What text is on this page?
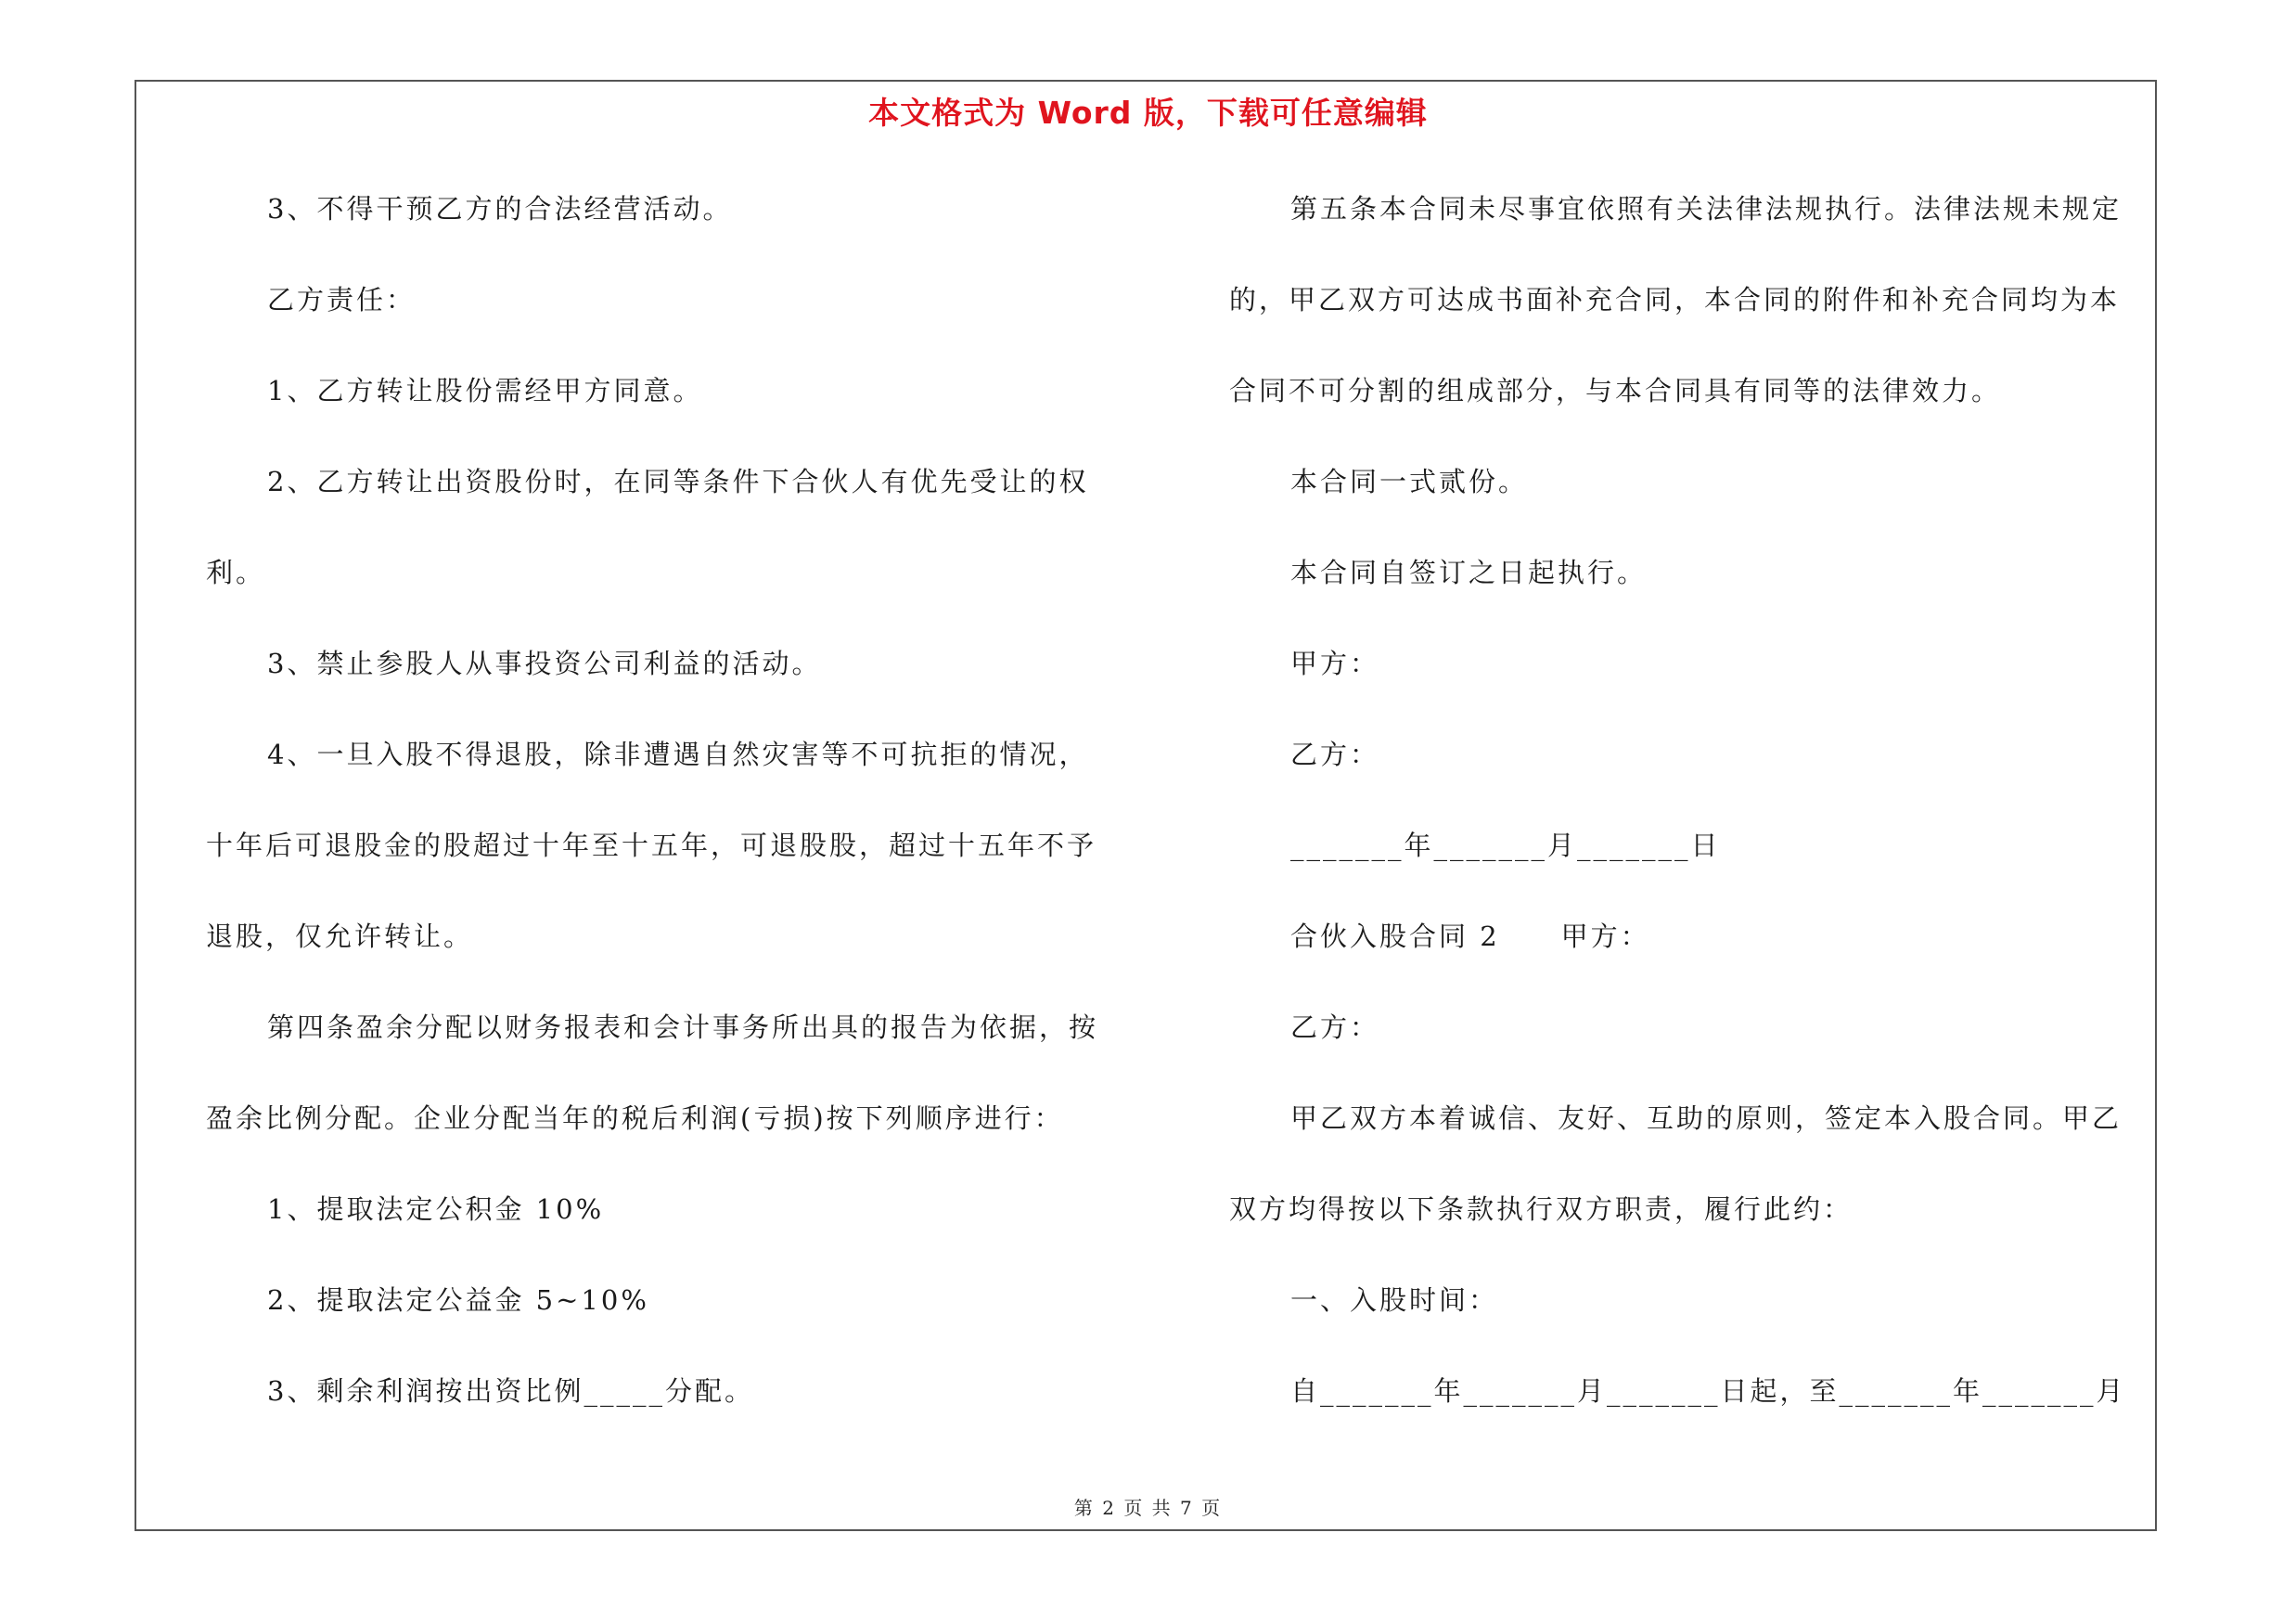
本文格式为 Word 版，下载可任意编辑
3、不得干预乙方的合法经营活动。
乙方责任：
1、乙方转让股份需经甲方同意。
2、乙方转让出资股份时，在同等条件下合伙人有优先受让的权
利。
3、禁止参股人从事投资公司利益的活动。
4、一旦入股不得退股，除非遭遇自然灾害等不可抗拒的情况，
十年后可退股金的股超过十年至十五年，可退股股，超过十五年不予
退股，仅允许转让。
第四条盈余分配以财务报表和会计事务所出具的报告为依据，按
盈余比例分配。企业分配当年的税后利润(亏损)按下列顺序进行：
1、提取法定公积金 10%
2、提取法定公益金 5~10%
3、剩余利润按出资比例_____分配。
第五条本合同未尽事宜依照有关法律法规执行。法律法规未规定
的，甲乙双方可达成书面补充合同，本合同的附件和补充合同均为本
合同不可分割的组成部分，与本合同具有同等的法律效力。
本合同一式贰份。
本合同自签订之日起执行。
甲方：
乙方：
_______年_______月_______日
合伙入股合同 2 甲方：
乙方：
甲乙双方本着诚信、友好、互助的原则，签定本入股合同。甲乙
双方均得按以下条款执行双方职责，履行此约：
一、入股时间：
自_______年_______月_______日起，至_______年_______月
第 2 页 共 7 页
